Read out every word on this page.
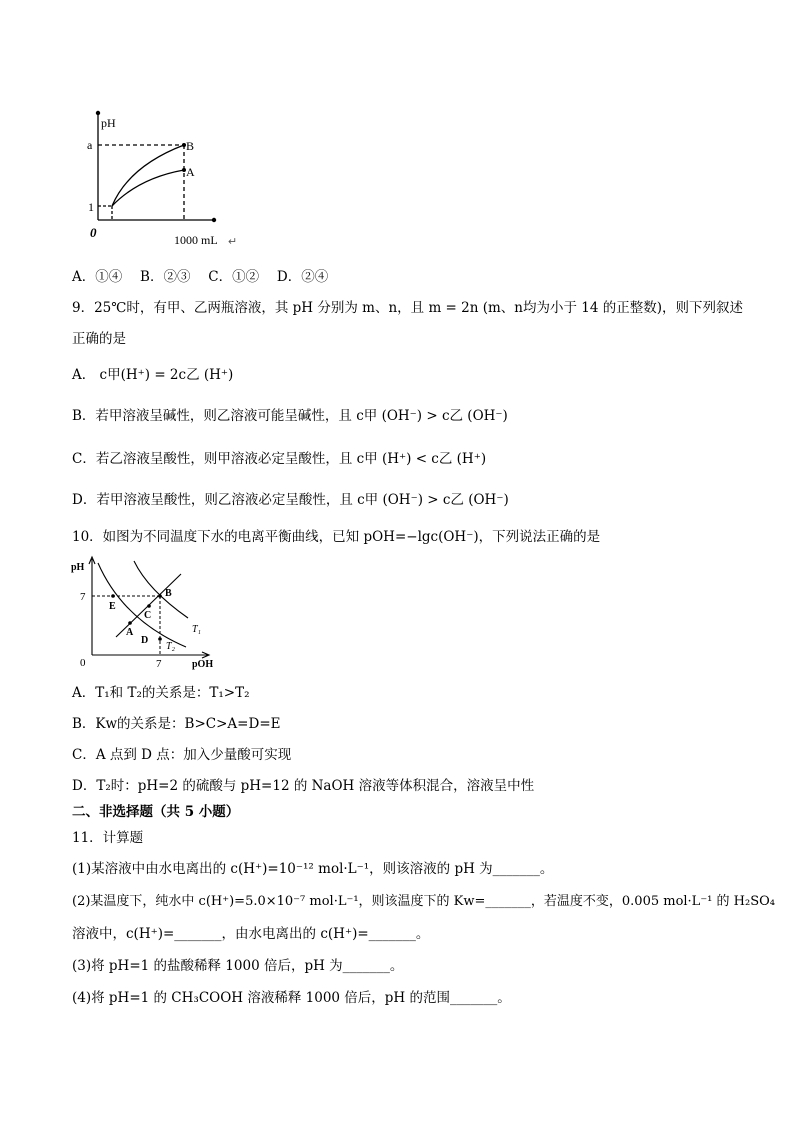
pH
a
1
0
B
A
1000 mL ↵
A．①④　 B．②③　 C．①②　 D．②④
9．25℃时，有甲、乙两瓶溶液，其 pH 分别为 m、n，且 m = 2n (m、n均为小于 14 的正整数)，则下列叙述
正确的是
A． c甲(H⁺) = 2c乙 (H⁺)
B．若甲溶液呈碱性，则乙溶液可能呈碱性，且 c甲 (OH⁻) > c乙 (OH⁻)
C．若乙溶液呈酸性，则甲溶液必定呈酸性，且 c甲 (H⁺) < c乙 (H⁺)
D．若甲溶液呈酸性，则乙溶液必定呈酸性，且 c甲 (OH⁻) > c乙 (OH⁻)
10．如图为不同温度下水的电离平衡曲线，已知 pOH=−lgc(OH⁻)，下列说法正确的是
pH
7
0	7	pOH
E
B
C
A
D
T₁
T₂
A．T₁和 T₂的关系是：T₁>T₂
B．Kw的关系是：B>C>A=D=E
C．A 点到 D 点：加入少量酸可实现
D．T₂时：pH=2 的硫酸与 pH=12 的 NaOH 溶液等体积混合，溶液呈中性
二、非选择题（共 5 小题）
11．计算题
(1)某溶液中由水电离出的 c(H⁺)=10⁻¹² mol·L⁻¹，则该溶液的 pH 为_______。
(2)某温度下，纯水中 c(H⁺)=5.0×10⁻⁷ mol·L⁻¹，则该温度下的 Kw=_______，若温度不变，0.005 mol·L⁻¹ 的 H₂SO₄
溶液中，c(H⁺)=_______，由水电离出的 c(H⁺)=_______。
(3)将 pH=1 的盐酸稀释 1000 倍后，pH 为_______。
(4)将 pH=1 的 CH₃COOH 溶液稀释 1000 倍后，pH 的范围_______。
